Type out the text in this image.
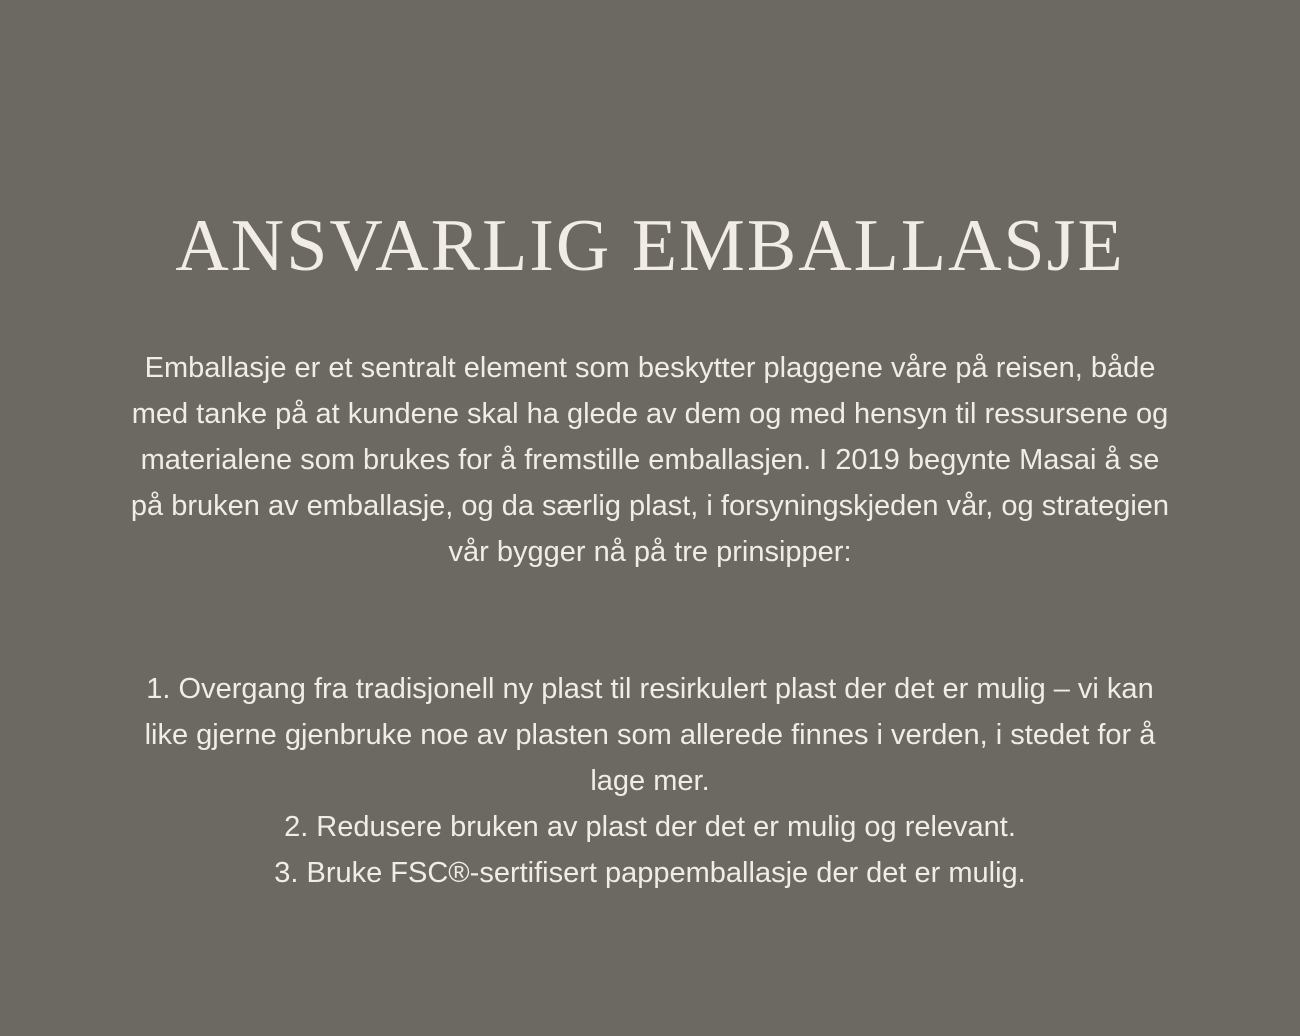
ANSVARLIG EMBALLASJE

Emballasje er et sentralt element som beskytter plaggene våre på reisen, både med tanke på at kundene skal ha glede av dem og med hensyn til ressursene og materialene som brukes for å fremstille emballasjen. I 2019 begynte Masai å se på bruken av emballasje, og da særlig plast, i forsyningskjeden vår, og strategien vår bygger nå på tre prinsipper:

1. Overgang fra tradisjonell ny plast til resirkulert plast der det er mulig – vi kan like gjerne gjenbruke noe av plasten som allerede finnes i verden, i stedet for å lage mer.
2. Redusere bruken av plast der det er mulig og relevant.
3. Bruke FSC®-sertifisert pappemballasje der det er mulig.
